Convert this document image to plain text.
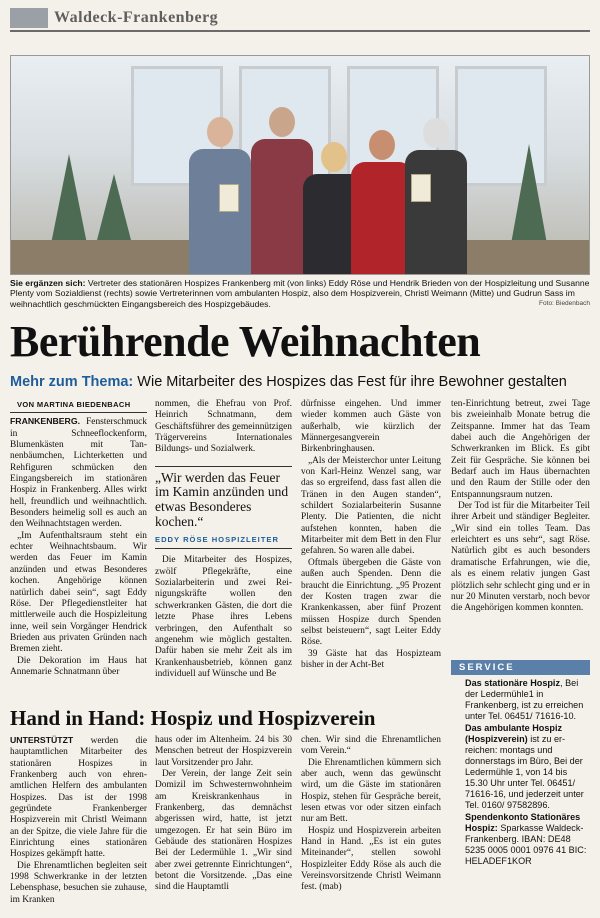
Waldeck-Frankenberg
Sie ergänzen sich: Vertreter des stationären Hospizes Frankenberg mit (von links) Eddy Röse und Hendrik Brieden von der Hospizleitung und Susanne Plenty vom Sozialdienst (rechts) sowie Vertreterinnen vom ambulanten Hospiz, also dem Hospizverein, Christl Weimann (Mitte) und Gudrun Sass im weihnachtlich geschmückten Eingangsbereich des Hospizgebäudes.	Foto: Biedenbach
Berührende Weihnachten
Mehr zum Thema: Wie Mitarbeiter des Hospizes das Fest für ihre Bewohner gestalten

VON MARTINA BIEDENBACH

FRANKENBERG. Fensterschmuck in Schneeflockenform, Blumenkästen mit Tannenbäumchen, Lichterketten und Rehfiguren schmücken den Eingangsbereich im stationären Hospiz in Frankenberg. Alles wirkt hell, freundlich und weihnachtlich. Besonders heimelig soll es auch an den Weihnachtstagen werden.

„Im Aufenthaltsraum steht ein echter Weihnachtsbaum. Wir werden das Feuer im Kamin anzünden und etwas Besonderes kochen. Angehörige können natürlich dabei sein“, sagt Eddy Röse. Der Pflegedienstleiter hat mittlerweile auch die Hospizleitung inne, weil sein Vorgänger Hendrick Brieden aus privaten Gründen nach Bremen zieht.

Die Dekoration im Haus hat Annemarie Schnatmann über

nommen, die Ehefrau von Prof. Heinrich Schnatmann, dem Geschäftsführer des gemeinnützigen Trägervereins Internationales Bildungs- und Sozialwerk.

„Wir werden das Feuer im Kamin anzünden und etwas Besonderes kochen.“
EDDY RÖSE HOSPIZLEITER

Die Mitarbeiter des Hospizes, zwölf Pflegekräfte, eine Sozialarbeiterin und zwei Reinigungskräfte wollen den schwerkranken Gästen, die dort die letzte Phase ihres Lebens verbringen, den Aufenthalt so angenehm wie möglich gestalten. Dafür haben sie mehr Zeit als im Krankenhausbetrieb, können ganz individuell auf Wünsche und Be

dürfnisse eingehen. Und immer wieder kommen auch Gäste von außerhalb, wie kürzlich der Männergesangverein Birkenbringhausen.

„Als der Meisterchor unter Leitung von Karl-Heinz Wenzel sang, war das so ergreifend, dass fast allen die Tränen in den Augen standen“, schildert Sozialarbeiterin Susanne Plenty. Die Patienten, die nicht aufstehen konnten, haben die Mitarbeiter mit dem Bett in den Flur gefahren. So waren alle dabei.

Oftmals übergeben die Gäste von außen auch Spenden. Denn die braucht die Einrichtung. „95 Prozent der Kosten tragen zwar die Krankenkassen, aber fünf Prozent müssen Hospize durch Spenden selbst beisteuern“, sagt Leiter Eddy Röse.

39 Gäste hat das Hospizteam bisher in der Acht-Bet

ten-Einrichtung betreut, zwei Tage bis zweieinhalb Monate betrug die Zeitspanne. Immer hat das Team dabei auch die Angehörigen der Schwerkranken im Blick. Es gibt Zeit für Gespräche. Sie können bei Bedarf auch im Haus übernachten und den Raum der Stille oder den Entspannungsraum nutzen.

Der Tod ist für die Mitarbeiter Teil ihrer Arbeit und ständiger Begleiter. „Wir sind ein tolles Team. Das erleichtert es uns sehr“, sagt Röse. Natürlich gibt es auch besonders dramatische Erfahrungen, wie die, als es einem relativ jungen Gast plötzlich sehr schlecht ging und er in nur 20 Minuten verstarb, noch bevor die Angehörigen kommen konnten.

Hand in Hand: Hospiz und Hospizverein

UNTERSTÜTZT werden die hauptamtlichen Mitarbeiter des stationären Hospizes in Frankenberg auch von ehrenamtlichen Helfern des ambulanten Hospizes. Das ist der 1998 gegründete Frankenberger Hospizverein mit Christl Weimann an der Spitze, die viele Jahre für die Einrichtung eines stationären Hospizes gekämpft hatte.

Die Ehrenamtlichen begleiten seit 1998 Schwerkranke in der letzten Lebensphase, besuchen sie zuhause, im Kranken

haus oder im Altenheim. 24 bis 30 Menschen betreut der Hospizverein laut Vorsitzender pro Jahr.

Der Verein, der lange Zeit sein Domizil im Schwesternwohnheim am Kreiskrankenhaus in Frankenberg, das demnächst abgerissen wird, hatte, ist jetzt umgezogen. Er hat sein Büro im Gebäude des stationären Hospizes Bei der Ledermühle 1. „Wir sind aber zwei getrennte Einrichtungen“, betont die Vorsitzende. „Das eine sind die Hauptamtli

chen. Wir sind die Ehrenamtlichen vom Verein.“

Die Ehrenamtlichen kümmern sich aber auch, wenn das gewünscht wird, um die Gäste im stationären Hospiz, stehen für Gespräche bereit, lesen etwas vor oder sitzen einfach nur am Bett.

Hospiz und Hospizverein arbeiten Hand in Hand. „Es ist ein gutes Miteinander“, stellen sowohl Hospizleiter Eddy Röse als auch die Vereinsvorsitzende Christl Weimann fest. (mab)

SERVICE

Das stationäre Hospiz, Bei der Ledermühle1 in Frankenberg, ist zu erreichen unter Tel. 06451/ 71616-10.

Das ambulante Hospiz (Hospizverein) ist zu erreichen: montags und donnerstags im Büro, Bei der Ledermühle 1, von 14 bis 15.30 Uhr unter Tel. 06451/ 71616-16, und jederzeit unter Tel. 0160/ 97582896.

Spendenkonto Stationäres Hospiz: Sparkasse Waldeck-Frankenberg. IBAN: DE48 5235 0005 0001 0976 41 BIC: HELADEF1KOR
